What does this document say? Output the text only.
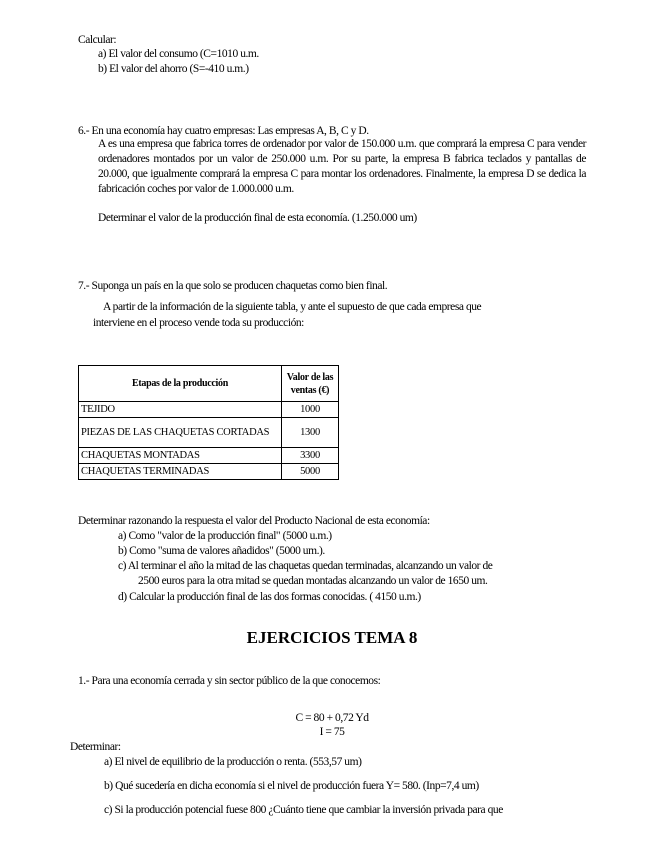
Calcular:
a) El valor del consumo (C=1010 u.m.
b) El valor del ahorro (S=-410 u.m.)
6.- En una economía hay cuatro empresas: Las empresas A, B, C y D.
A es una empresa que fabrica torres de ordenador por valor de 150.000 u.m. que comprará la empresa C para vender ordenadores montados por un valor de 250.000 u.m. Por su parte, la empresa B fabrica teclados y pantallas de 20.000, que igualmente comprará la empresa C para montar los ordenadores. Finalmente, la empresa D se dedica la fabricación coches por valor de 1.000.000 u.m.
Determinar el valor de la producción final de esta economía. (1.250.000 um)
7.- Suponga un país en la que solo se producen chaquetas como bien final.
A partir de la información de la siguiente tabla, y ante el supuesto de que cada empresa que
interviene en el proceso vende toda su producción:
Etapas de la producción	Valor de las
ventas (€)
TEJIDO	1000
PIEZAS DE LAS CHAQUETAS CORTADAS	1300
CHAQUETAS MONTADAS	3300
CHAQUETAS TERMINADAS	5000
Determinar razonando la respuesta el valor del Producto Nacional de esta economía:
a) Como "valor de la producción final" (5000 u.m.)
b) Como "suma de valores añadidos" (5000 um.).
c) Al terminar el año la mitad de las chaquetas quedan terminadas, alcanzando un valor de
2500 euros para la otra mitad se quedan montadas alcanzando un valor de 1650 um.
d) Calcular la producción final de las dos formas conocidas. ( 4150 u.m.)
EJERCICIOS TEMA 8
1.- Para una economía cerrada y sin sector público de la que conocemos:
C = 80 + 0,72 Yd
I = 75
Determinar:
a) El nivel de equilibrio de la producción o renta. (553,57 um)
b) Qué sucedería en dicha economía si el nivel de producción fuera Y= 580. (Inp=7,4 um)
c) Si la producción potencial fuese 800 ¿Cuánto tiene que cambiar la inversión privada para que
